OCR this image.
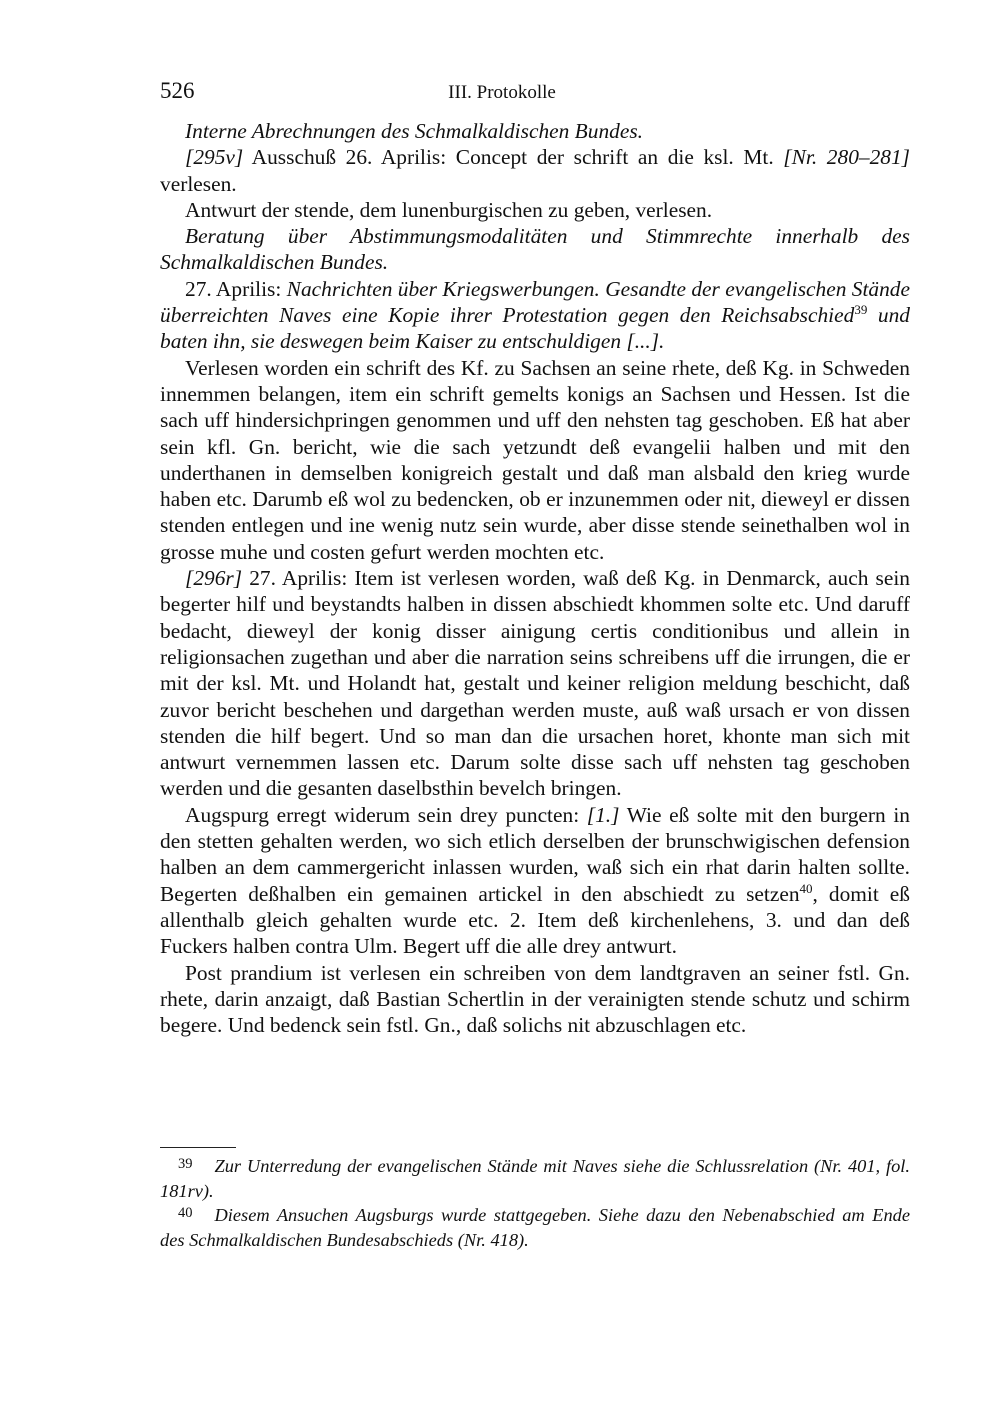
526	III. Protokolle

Interne Abrechnungen des Schmalkaldischen Bundes.

[295v] Ausschuß 26. Aprilis: Concept der schrift an die ksl. Mt. [Nr. 280–281] verlesen.

Antwurt der stende, dem lunenburgischen zu geben, verlesen.

Beratung über Abstimmungsmodalitäten und Stimmrechte innerhalb des Schmalkaldischen Bundes.

27. Aprilis: Nachrichten über Kriegswerbungen. Gesandte der evangelischen Stände überreichten Naves eine Kopie ihrer Protestation gegen den Reichsabschied$^{39}$ und baten ihn, sie deswegen beim Kaiser zu entschuldigen [...].

Verlesen worden ein schrift des Kf. zu Sachsen an seine rhete, deß Kg. in Schweden innemmen belangen, item ein schrift gemelts konigs an Sachsen und Hessen. Ist die sach uff hindersichpringen genommen und uff den nehsten tag geschoben. Eß hat aber sein kfl. Gn. bericht, wie die sach yetzundt deß evangelii halben und mit den underthanen in demselben konigreich gestalt und daß man alsbald den krieg wurde haben etc. Darumb eß wol zu bedencken, ob er inzunemmen oder nit, dieweyl er dissen stenden entlegen und ine wenig nutz sein wurde, aber disse stende seinethalben wol in grosse muhe und costen gefurt werden mochten etc.

[296r] 27. Aprilis: Item ist verlesen worden, waß deß Kg. in Denmarck, auch sein begerter hilf und beystandts halben in dissen abschiedt khommen solte etc. Und daruff bedacht, dieweyl der konig disser ainigung certis conditionibus und allein in religionsachen zugethan und aber die narration seins schreibens uff die irrungen, die er mit der ksl. Mt. und Holandt hat, gestalt und keiner religion meldung beschicht, daß zuvor bericht beschehen und dargethan werden muste, auß waß ursach er von dissen stenden die hilf begert. Und so man dan die ursachen horet, khonte man sich mit antwurt vernemmen lassen etc. Darum solte disse sach uff nehsten tag geschoben werden und die gesanten daselbsthin bevelch bringen.

Augspurg erregt widerum sein drey puncten: [1.] Wie eß solte mit den burgern in den stetten gehalten werden, wo sich etlich derselben der brunschwigischen defension halben an dem cammergericht inlassen wurden, waß sich ein rhat darin halten sollte. Begerten deßhalben ein gemainen artickel in den abschiedt zu setzen$^{40}$, domit eß allenthalb gleich gehalten wurde etc. 2. Item deß kirchenlehens, 3. und dan deß Fuckers halben contra Ulm. Begert uff die alle drey antwurt.

Post prandium ist verlesen ein schreiben von dem landtgraven an seiner fstl. Gn. rhete, darin anzaigt, daß Bastian Schertlin in der verainigten stende schutz und schirm begere. Und bedenck sein fstl. Gn., daß solichs nit abzuschlagen etc.

$^{39}$ Zur Unterredung der evangelischen Stände mit Naves siehe die Schlussrelation (Nr. 401, fol. 181rv).

$^{40}$ Diesem Ansuchen Augsburgs wurde stattgegeben. Siehe dazu den Nebenabschied am Ende des Schmalkaldischen Bundesabschieds (Nr. 418).
